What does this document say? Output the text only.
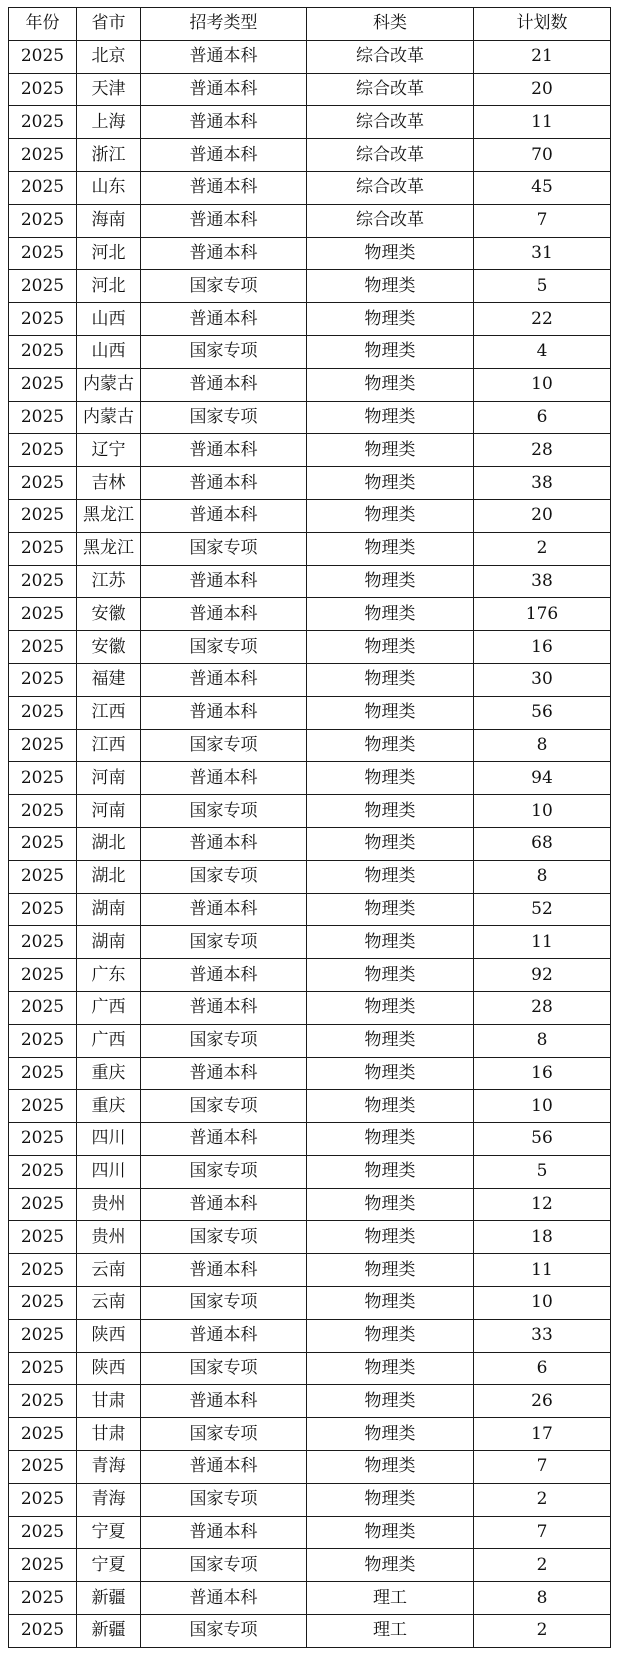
年份	省市	招考类型	科类	计划数
2025	北京	普通本科	综合改革	21
2025	天津	普通本科	综合改革	20
2025	上海	普通本科	综合改革	11
2025	浙江	普通本科	综合改革	70
2025	山东	普通本科	综合改革	45
2025	海南	普通本科	综合改革	7
2025	河北	普通本科	物理类	31
2025	河北	国家专项	物理类	5
2025	山西	普通本科	物理类	22
2025	山西	国家专项	物理类	4
2025	内蒙古	普通本科	物理类	10
2025	内蒙古	国家专项	物理类	6
2025	辽宁	普通本科	物理类	28
2025	吉林	普通本科	物理类	38
2025	黑龙江	普通本科	物理类	20
2025	黑龙江	国家专项	物理类	2
2025	江苏	普通本科	物理类	38
2025	安徽	普通本科	物理类	176
2025	安徽	国家专项	物理类	16
2025	福建	普通本科	物理类	30
2025	江西	普通本科	物理类	56
2025	江西	国家专项	物理类	8
2025	河南	普通本科	物理类	94
2025	河南	国家专项	物理类	10
2025	湖北	普通本科	物理类	68
2025	湖北	国家专项	物理类	8
2025	湖南	普通本科	物理类	52
2025	湖南	国家专项	物理类	11
2025	广东	普通本科	物理类	92
2025	广西	普通本科	物理类	28
2025	广西	国家专项	物理类	8
2025	重庆	普通本科	物理类	16
2025	重庆	国家专项	物理类	10
2025	四川	普通本科	物理类	56
2025	四川	国家专项	物理类	5
2025	贵州	普通本科	物理类	12
2025	贵州	国家专项	物理类	18
2025	云南	普通本科	物理类	11
2025	云南	国家专项	物理类	10
2025	陕西	普通本科	物理类	33
2025	陕西	国家专项	物理类	6
2025	甘肃	普通本科	物理类	26
2025	甘肃	国家专项	物理类	17
2025	青海	普通本科	物理类	7
2025	青海	国家专项	物理类	2
2025	宁夏	普通本科	物理类	7
2025	宁夏	国家专项	物理类	2
2025	新疆	普通本科	理工	8
2025	新疆	国家专项	理工	2
